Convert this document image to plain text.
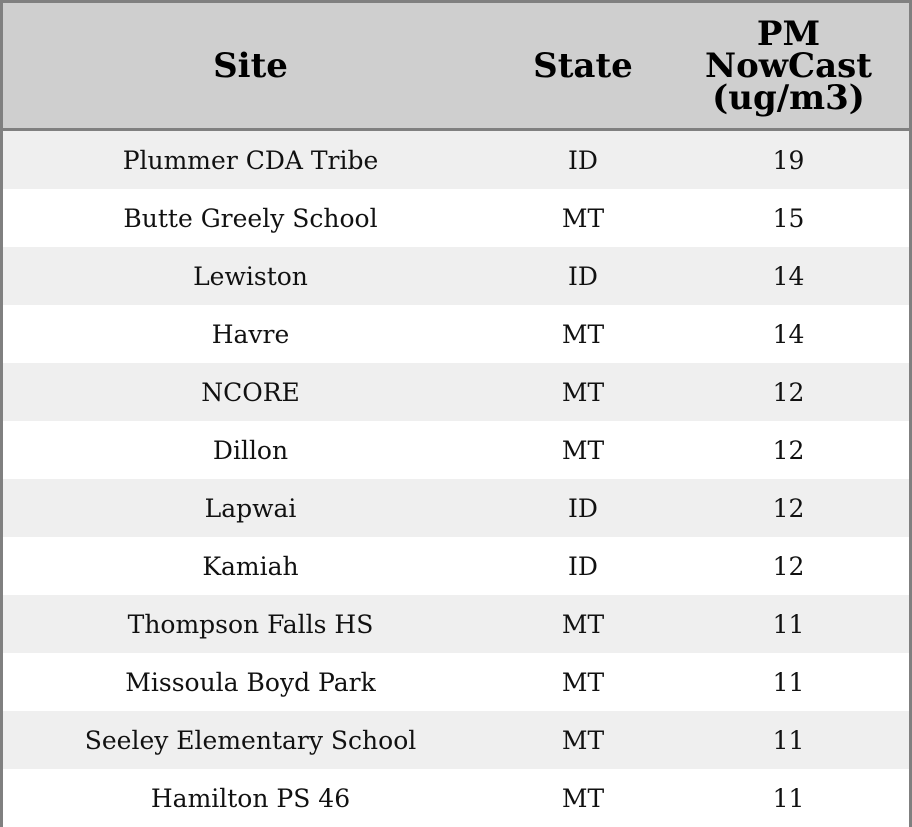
Site	State	PM
NowCast
(ug/m3)

Plummer CDA Tribe	ID	19
Butte Greely School	MT	15
Lewiston	ID	14
Havre	MT	14
NCORE	MT	12
Dillon	MT	12
Lapwai	ID	12
Kamiah	ID	12
Thompson Falls HS	MT	11
Missoula Boyd Park	MT	11
Seeley Elementary School	MT	11
Hamilton PS 46	MT	11
